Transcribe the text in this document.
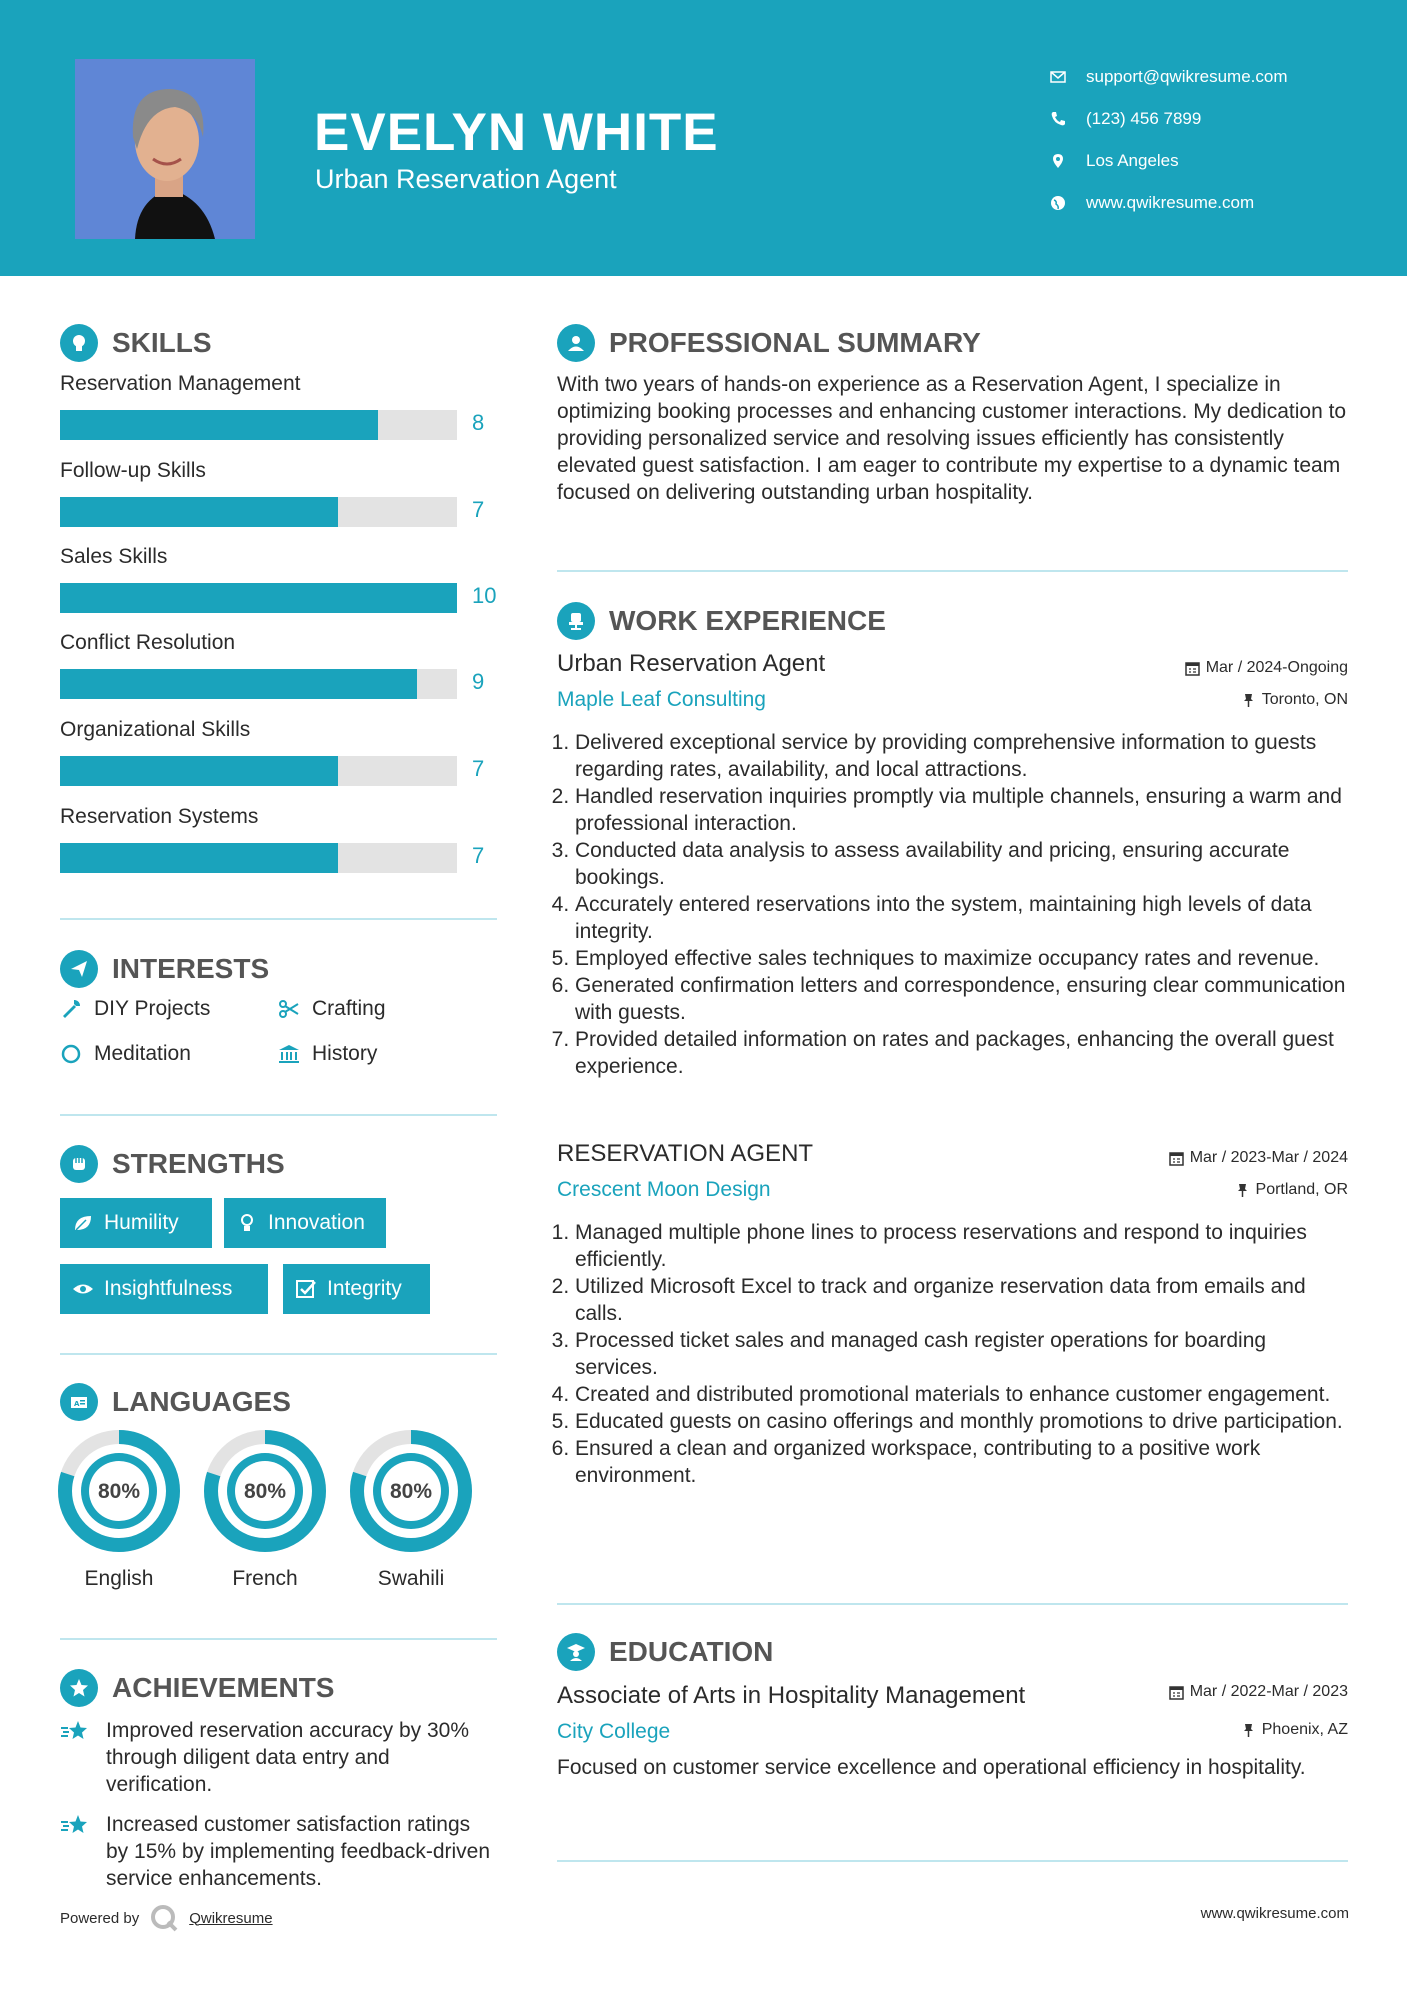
EVELYN WHITE
Urban Reservation Agent
support@qwikresume.com
(123) 456 7899
Los Angeles
www.qwikresume.com
SKILLS
Reservation Management
8
Follow-up Skills
7
Sales Skills
10
Conflict Resolution
9
Organizational Skills
7
Reservation Systems
7
INTERESTS
DIY Projects	Crafting
Meditation	History
STRENGTHS
Humility	Innovation
Insightfulness	Integrity
A LANGUAGES
80%
English
80%
French
80%
Swahili
ACHIEVEMENTS
Improved reservation accuracy by 30% through diligent data entry and verification.
Increased customer satisfaction ratings by 15% by implementing feedback-driven service enhancements.
PROFESSIONAL SUMMARY
With two years of hands-on experience as a Reservation Agent, I specialize in optimizing booking processes and enhancing customer interactions. My dedication to providing personalized service and resolving issues efficiently has consistently elevated guest satisfaction. I am eager to contribute my expertise to a dynamic team focused on delivering outstanding urban hospitality.
WORK EXPERIENCE
Urban Reservation Agent
Maple Leaf Consulting
Mar / 2024-Ongoing
Toronto, ON
1. Delivered exceptional service by providing comprehensive information to guests regarding rates, availability, and local attractions.
2. Handled reservation inquiries promptly via multiple channels, ensuring a warm and professional interaction.
3. Conducted data analysis to assess availability and pricing, ensuring accurate bookings.
4. Accurately entered reservations into the system, maintaining high levels of data integrity.
5. Employed effective sales techniques to maximize occupancy rates and revenue.
6. Generated confirmation letters and correspondence, ensuring clear communication with guests.
7. Provided detailed information on rates and packages, enhancing the overall guest experience.
RESERVATION AGENT
Crescent Moon Design
Mar / 2023-Mar / 2024
Portland, OR
1. Managed multiple phone lines to process reservations and respond to inquiries efficiently.
2. Utilized Microsoft Excel to track and organize reservation data from emails and calls.
3. Processed ticket sales and managed cash register operations for boarding services.
4. Created and distributed promotional materials to enhance customer engagement.
5. Educated guests on casino offerings and monthly promotions to drive participation.
6. Ensured a clean and organized workspace, contributing to a positive work environment.
EDUCATION
Associate of Arts in Hospitality Management
City College
Mar / 2022-Mar / 2023
Phoenix, AZ
Focused on customer service excellence and operational efficiency in hospitality.
Powered by	Qwikresume	www.qwikresume.com
